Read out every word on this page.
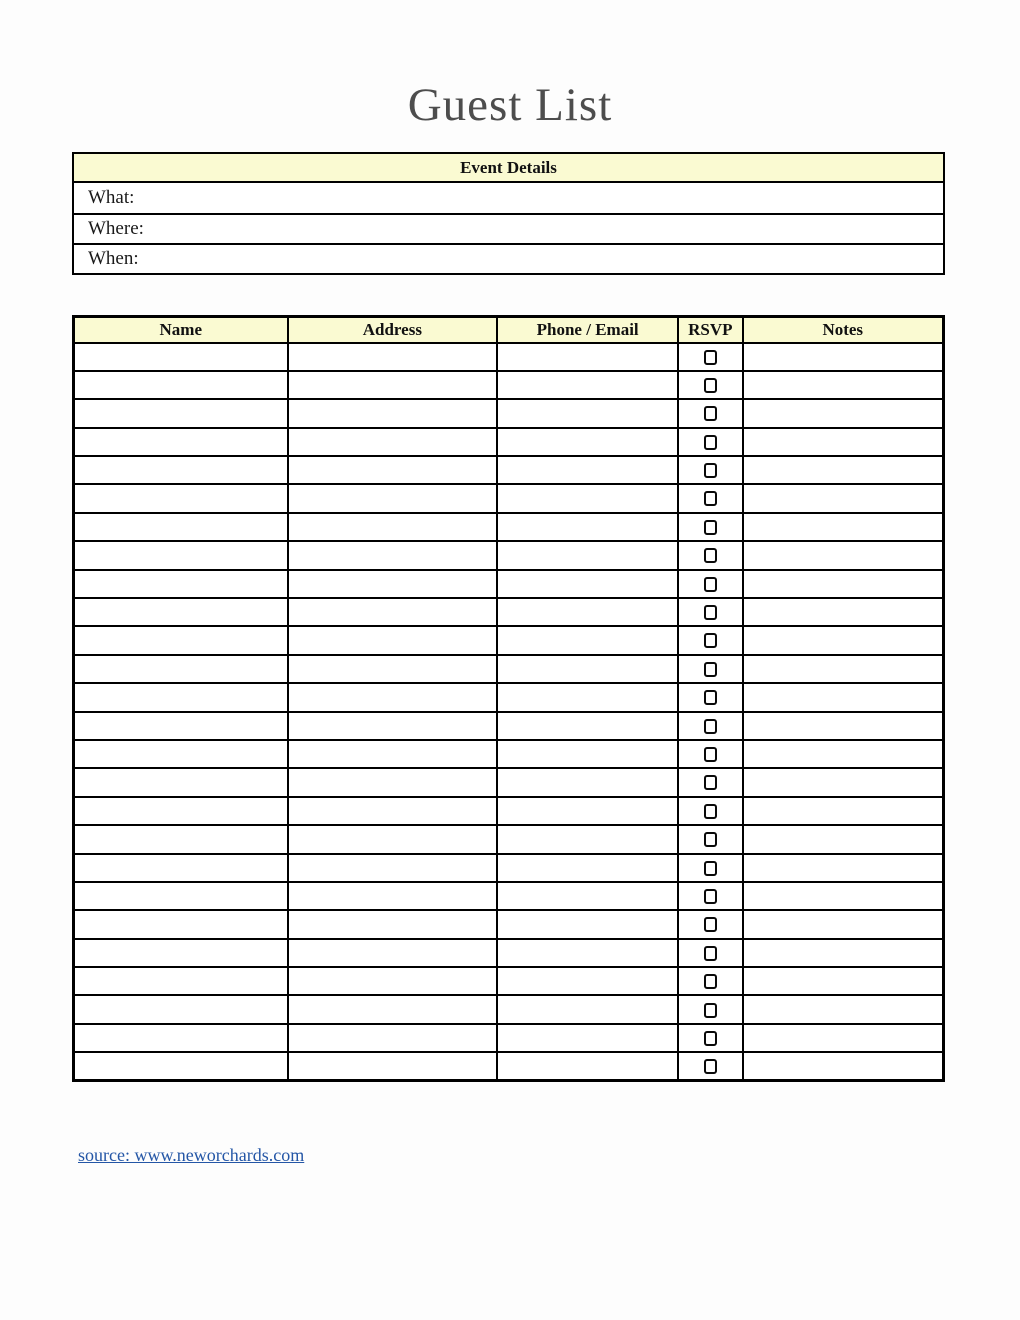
Guest List
Event Details
What:
Where:
When:
Name	Address	Phone / Email	RSVP	Notes

source: www.neworchards.com
